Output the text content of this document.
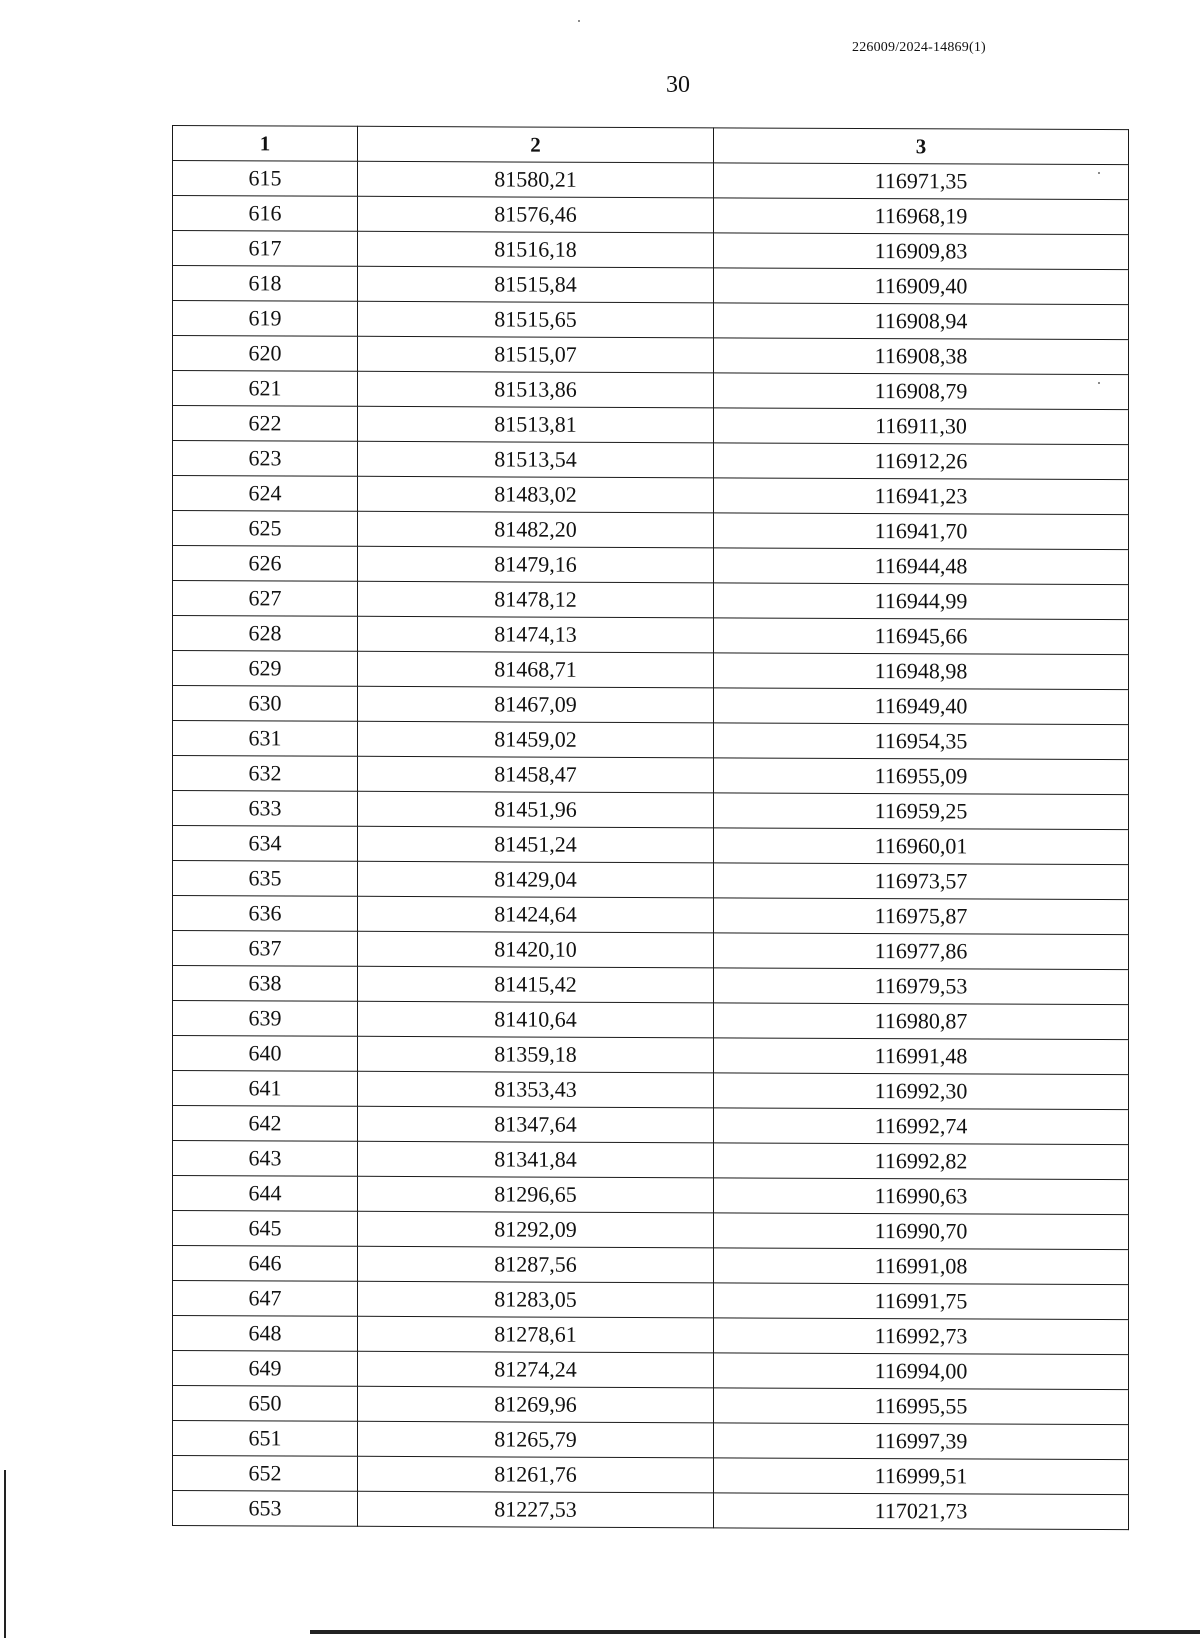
226009/2024-14869(1)
30
1	2	3
615	81580,21	116971,35
616	81576,46	116968,19
617	81516,18	116909,83
618	81515,84	116909,40
619	81515,65	116908,94
620	81515,07	116908,38
621	81513,86	116908,79
622	81513,81	116911,30
623	81513,54	116912,26
624	81483,02	116941,23
625	81482,20	116941,70
626	81479,16	116944,48
627	81478,12	116944,99
628	81474,13	116945,66
629	81468,71	116948,98
630	81467,09	116949,40
631	81459,02	116954,35
632	81458,47	116955,09
633	81451,96	116959,25
634	81451,24	116960,01
635	81429,04	116973,57
636	81424,64	116975,87
637	81420,10	116977,86
638	81415,42	116979,53
639	81410,64	116980,87
640	81359,18	116991,48
641	81353,43	116992,30
642	81347,64	116992,74
643	81341,84	116992,82
644	81296,65	116990,63
645	81292,09	116990,70
646	81287,56	116991,08
647	81283,05	116991,75
648	81278,61	116992,73
649	81274,24	116994,00
650	81269,96	116995,55
651	81265,79	116997,39
652	81261,76	116999,51
653	81227,53	117021,73
